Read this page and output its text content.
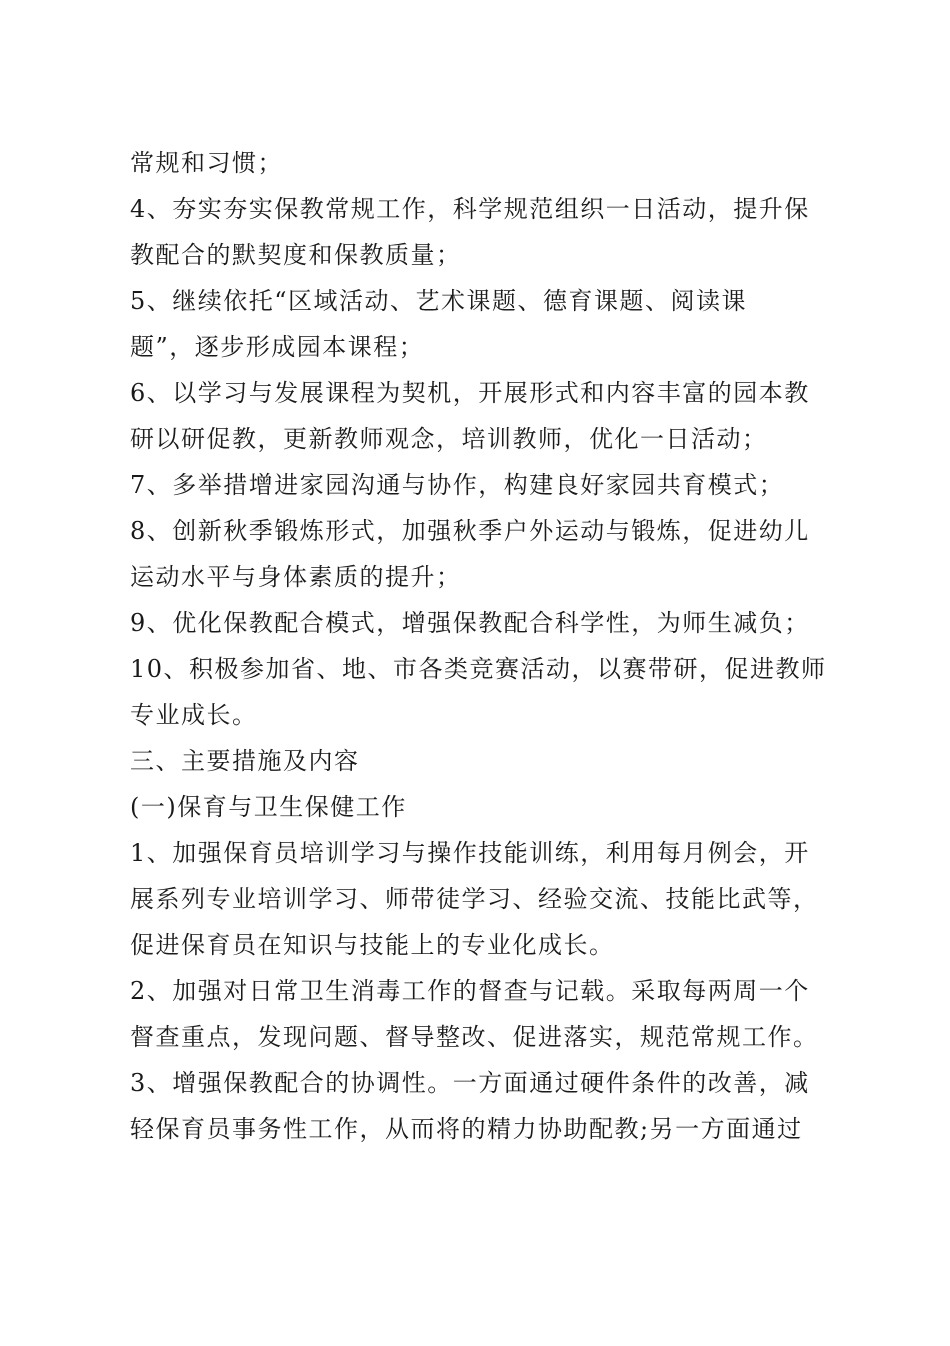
常规和习惯；
4、夯实夯实保教常规工作，科学规范组织一日活动，提升保
教配合的默契度和保教质量；
5、继续依托“区域活动、艺术课题、德育课题、阅读课
题”，逐步形成园本课程；
6、以学习与发展课程为契机，开展形式和内容丰富的园本教
研以研促教，更新教师观念，培训教师，优化一日活动；
7、多举措增进家园沟通与协作，构建良好家园共育模式；
8、创新秋季锻炼形式，加强秋季户外运动与锻炼，促进幼儿
运动水平与身体素质的提升；
9、优化保教配合模式，增强保教配合科学性，为师生减负；
10、积极参加省、地、市各类竞赛活动，以赛带研，促进教师
专业成长。
三、主要措施及内容
(一)保育与卫生保健工作
1、加强保育员培训学习与操作技能训练，利用每月例会，开
展系列专业培训学习、师带徒学习、经验交流、技能比武等，
促进保育员在知识与技能上的专业化成长。
2、加强对日常卫生消毒工作的督查与记载。采取每两周一个
督查重点，发现问题、督导整改、促进落实，规范常规工作。
3、增强保教配合的协调性。一方面通过硬件条件的改善，减
轻保育员事务性工作，从而将的精力协助配教;另一方面通过
